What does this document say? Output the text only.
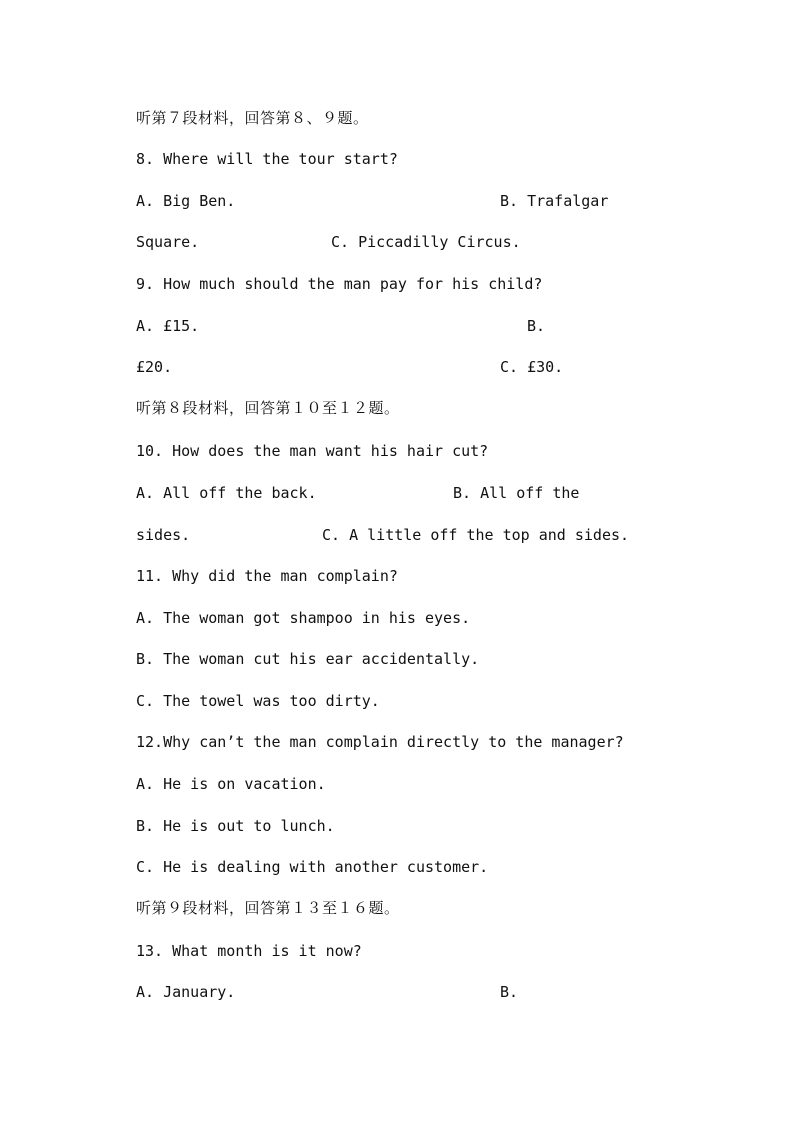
听第７段材料，回答第８、９题。
8. Where will the tour start?
A. Big Ben.	B. Trafalgar
Square.	C. Piccadilly Circus.
9. How much should the man pay for his child?
A. £15.	B.
£20.	C. £30.
听第８段材料，回答第１０至１２题。
10. How does the man want his hair cut?
A. All off the back.	B. All off the
sides.	C. A little off the top and sides.
11. Why did the man complain?
A. The woman got shampoo in his eyes.
B. The woman cut his ear accidentally.
C. The towel was too dirty.
12.Why can’t the man complain directly to the manager?
A. He is on vacation.
B. He is out to lunch.
C. He is dealing with another customer.
听第９段材料，回答第１３至１６题。
13. What month is it now?
A. January.	B.
